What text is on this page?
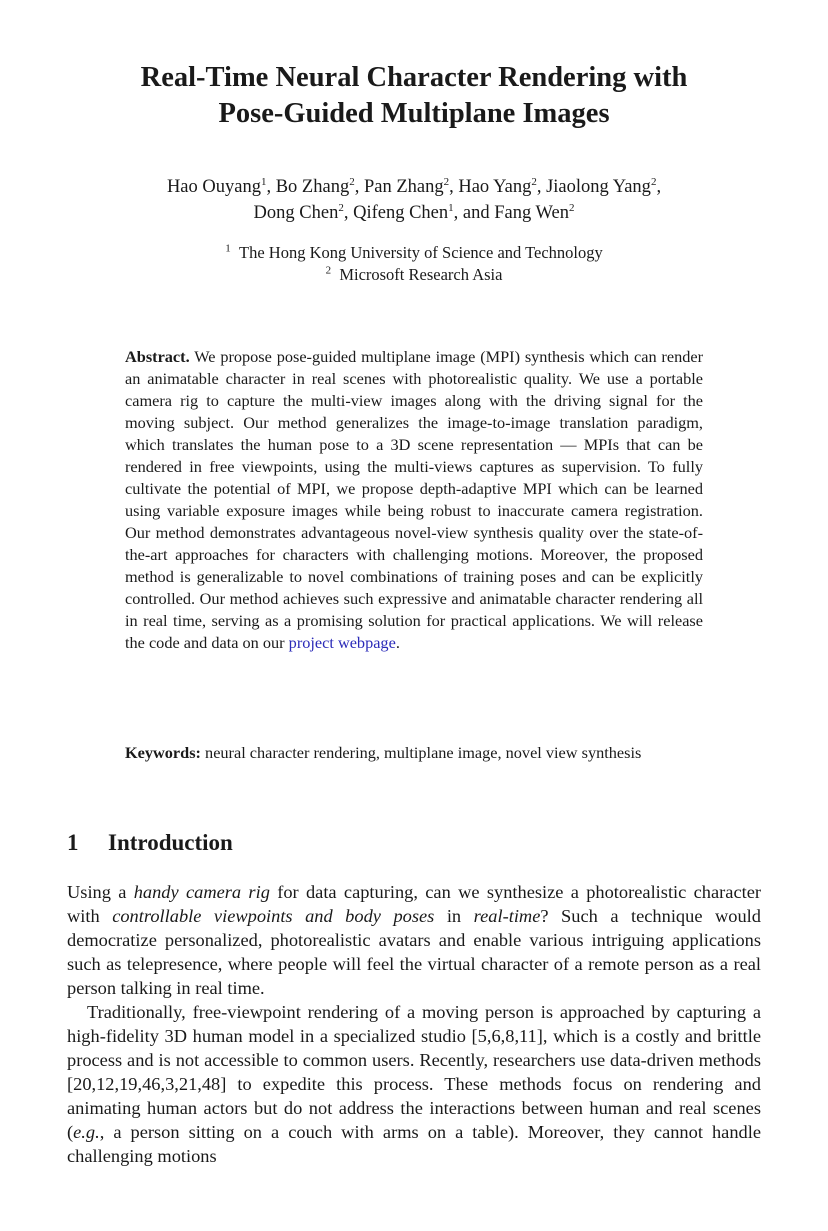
Real-Time Neural Character Rendering with
Pose-Guided Multiplane Images
Hao Ouyang$^1$, Bo Zhang$^2$, Pan Zhang$^2$, Hao Yang$^2$, Jiaolong Yang$^2$,
Dong Chen$^2$, Qifeng Chen$^1$, and Fang Wen$^2$
$^1$ The Hong Kong University of Science and Technology
$^2$ Microsoft Research Asia
Abstract. We propose pose-guided multiplane image (MPI) synthesis which can render an animatable character in real scenes with photorealistic quality. We use a portable camera rig to capture the multi-view images along with the driving signal for the moving subject. Our method generalizes the image-to-image translation paradigm, which translates the human pose to a 3D scene representation — MPIs that can be rendered in free viewpoints, using the multi-views captures as supervision. To fully cultivate the potential of MPI, we propose depth-adaptive MPI which can be learned using variable exposure images while being robust to inaccurate camera registration. Our method demonstrates advantageous novel-view synthesis quality over the state-of-the-art approaches for characters with challenging motions. Moreover, the proposed method is generalizable to novel combinations of training poses and can be explicitly controlled. Our method achieves such expressive and animatable character rendering all in real time, serving as a promising solution for practical applications. We will release the code and data on our project webpage.
Keywords: neural character rendering, multiplane image, novel view synthesis
1 Introduction

Using a handy camera rig for data capturing, can we synthesize a photorealistic character with controllable viewpoints and body poses in real-time? Such a technique would democratize personalized, photorealistic avatars and enable various intriguing applications such as telepresence, where people will feel the virtual character of a remote person as a real person talking in real time.

Traditionally, free-viewpoint rendering of a moving person is approached by capturing a high-fidelity 3D human model in a specialized studio [5,6,8,11], which is a costly and brittle process and is not accessible to common users. Recently, researchers use data-driven methods [20,12,19,46,3,21,48] to expedite this process. These methods focus on rendering and animating human actors but do not address the interactions between human and real scenes (e.g., a person sitting on a couch with arms on a table). Moreover, they cannot handle challenging motions
